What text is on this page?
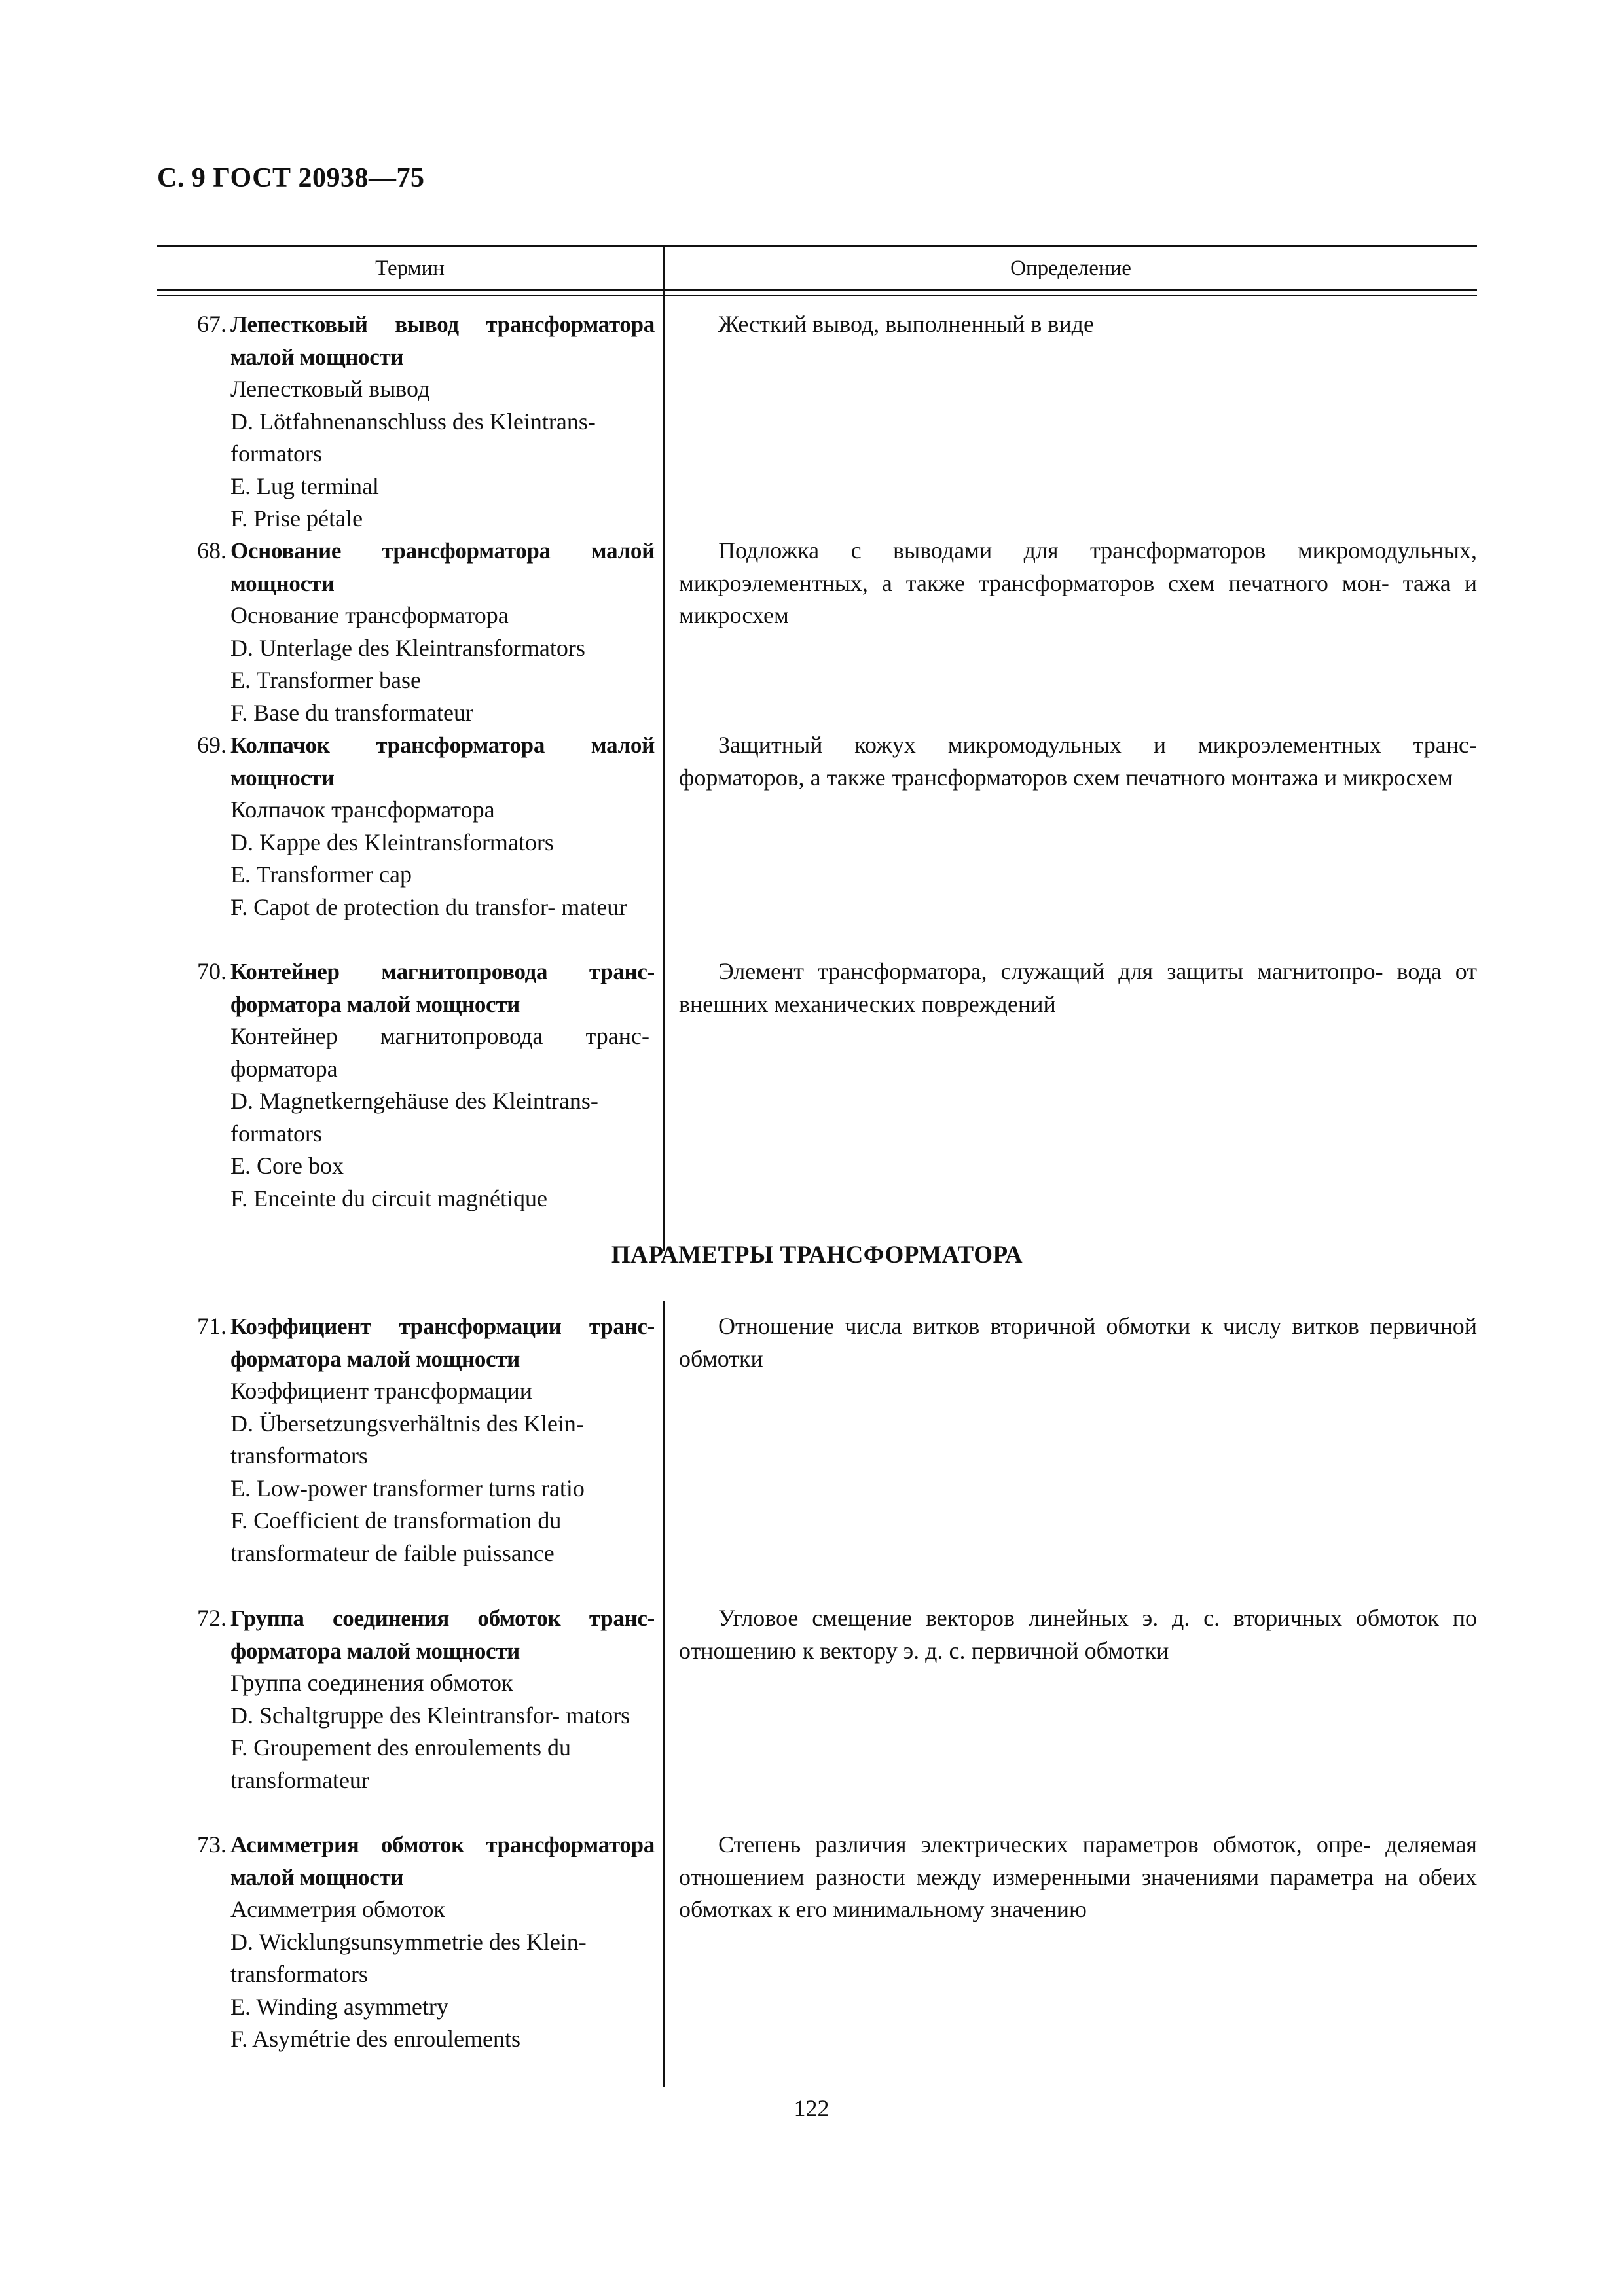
С. 9 ГОСТ 20938—75
Термин	Определение
67. Лепестковый вывод трансформатора малой мощности
Лепестковый вывод
D. Lötfahnenanschluss des Kleintrans- formators
E. Lug terminal
F. Prise pétale
Жесткий вывод, выполненный в виде
68. Основание трансформатора малой мощности
Основание трансформатора
D. Unterlage des Kleintransformators
E. Transformer base
F. Base du transformateur
Подложка с выводами для трансформаторов микромодульных, микроэлементных, а также трансформаторов схем печатного мон- тажа и микросхем
69. Колпачок трансформатора малой мощности
Колпачок трансформатора
D. Kappe des Kleintransformators
E. Transformer cap
F. Capot de protection du transfor- mateur
Защитный кожух микромодульных и микроэлементных транс- форматоров, а также трансформаторов схем печатного монтажа и микросхем
70. Контейнер магнитопровода транс- форматора малой мощности
Контейнер магнитопровода транс- форматора
D. Magnetkerngehäuse des Kleintrans- formators
E. Core box
F. Enceinte du circuit magnétique
Элемент трансформатора, служащий для защиты магнитопро- вода от внешних механических повреждений
ПАРАМЕТРЫ ТРАНСФОРМАТОРА
71. Коэффициент трансформации транс- форматора малой мощности
Коэффициент трансформации
D. Übersetzungsverhältnis des Klein- transformators
E. Low-power transformer turns ratio
F. Coefficient de transformation du transformateur de faible puissance
Отношение числа витков вторичной обмотки к числу витков первичной обмотки
72. Группа соединения обмоток транс- форматора малой мощности
Группа соединения обмоток
D. Schaltgruppe des Kleintransfor- mators
F. Groupement des enroulements du transformateur
Угловое смещение векторов линейных э. д. с. вторичных обмоток по отношению к вектору э. д. с. первичной обмотки
73. Асимметрия обмоток трансформатора малой мощности
Асимметрия обмоток
D. Wicklungsunsymmetrie des Klein- transformators
E. Winding asymmetry
F. Asymétrie des enroulements
Степень различия электрических параметров обмоток, опре- деляемая отношением разности между измеренными значениями параметра на обеих обмотках к его минимальному значению
122
